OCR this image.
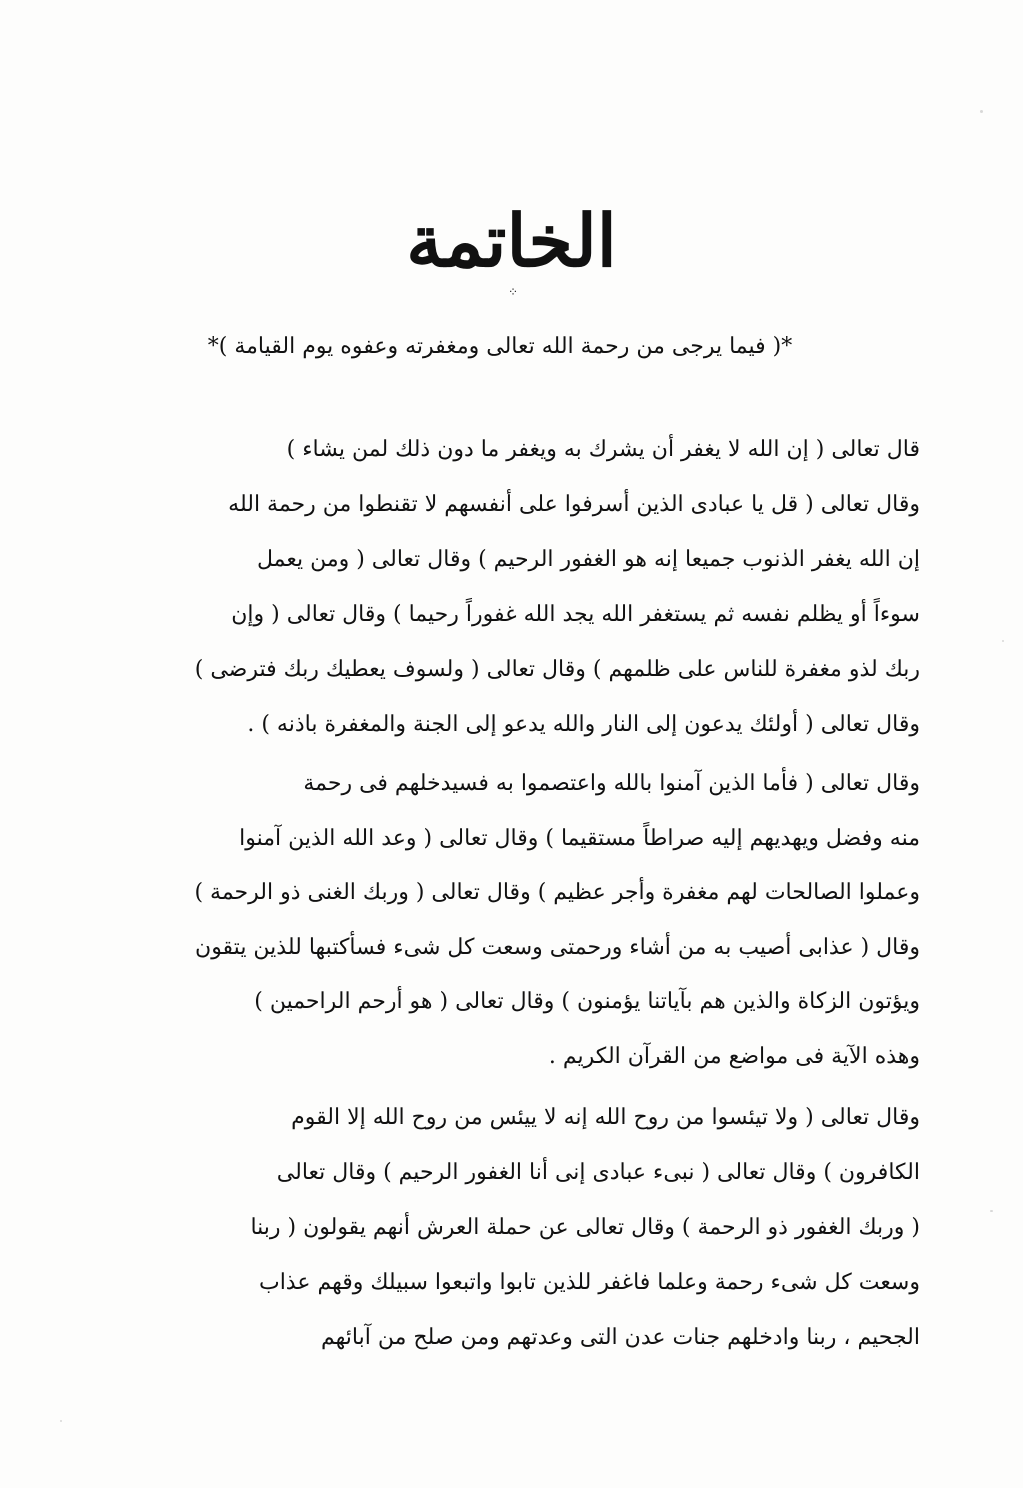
الخاتمة
⁘
*( فيما يرجى من رحمة الله تعالى ومغفرته وعفوه يوم القيامة )*
قال تعالى ( إن الله لا يغفر أن يشرك به ويغفر ما دون ذلك لمن يشاء )
وقال تعالى ( قل يا عبادى الذين أسرفوا على أنفسهم لا تقنطوا من رحمة الله
إن الله يغفر الذنوب جميعا إنه هو الغفور الرحيم ) وقال تعالى ( ومن يعمل
سوءاً أو يظلم نفسه ثم يستغفر الله يجد الله غفوراً رحيما ) وقال تعالى ( وإن
ربك لذو مغفرة للناس على ظلمهم ) وقال تعالى ( ولسوف يعطيك ربك فترضى )
وقال تعالى ( أولئك يدعون إلى النار والله يدعو إلى الجنة والمغفرة باذنه ) .
وقال تعالى ( فأما الذين آمنوا بالله واعتصموا به فسيدخلهم فى رحمة
منه وفضل ويهديهم إليه صراطاً مستقيما ) وقال تعالى ( وعد الله الذين آمنوا
وعملوا الصالحات لهم مغفرة وأجر عظيم ) وقال تعالى ( وربك الغنى ذو الرحمة )
وقال ( عذابى أصيب به من أشاء ورحمتى وسعت كل شىء فسأكتبها للذين يتقون
ويؤتون الزكاة والذين هم بآياتنا يؤمنون ) وقال تعالى ( هو أرحم الراحمين )
وهذه الآية فى مواضع من القرآن الكريم .
وقال تعالى ( ولا تيئسوا من روح الله إنه لا ييئس من روح الله إلا القوم
الكافرون ) وقال تعالى ( نبىء عبادى إنى أنا الغفور الرحيم ) وقال تعالى
( وربك الغفور ذو الرحمة ) وقال تعالى عن حملة العرش أنهم يقولون ( ربنا
وسعت كل شىء رحمة وعلما فاغفر للذين تابوا واتبعوا سبيلك وقهم عذاب
الجحيم ، ربنا وادخلهم جنات عدن التى وعدتهم ومن صلح من آبائهم
